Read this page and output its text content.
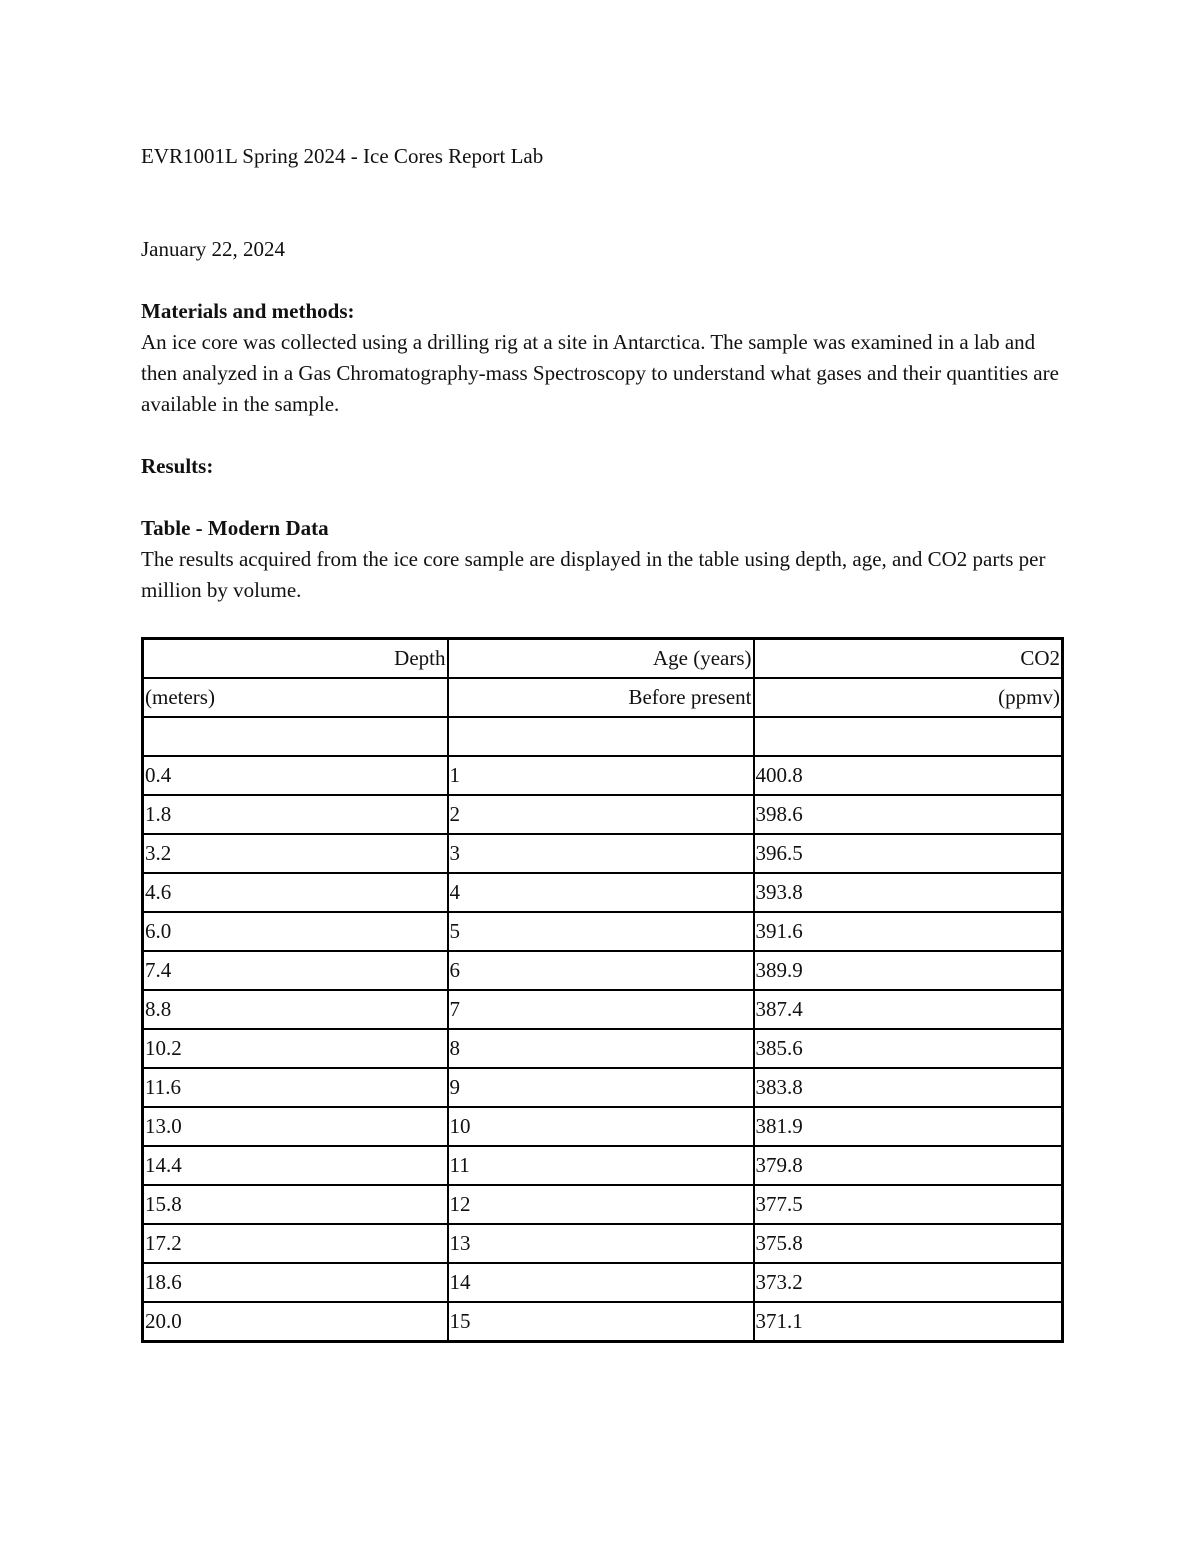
EVR1001L Spring 2024 - Ice Cores Report Lab
January 22, 2024

Materials and methods:

An ice core was collected using a drilling rig at a site in Antarctica. The sample was examined in a lab and then analyzed in a Gas Chromatography-mass Spectroscopy to understand what gases and their quantities are available in the sample.

Results:

Table - Modern Data

The results acquired from the ice core sample are displayed in the table using depth, age, and CO2 parts per million by volume.

Depth	Age (years)	CO2
(meters)	Before present	(ppmv)

0.4	1	400.8
1.8	2	398.6
3.2	3	396.5
4.6	4	393.8
6.0	5	391.6
7.4	6	389.9
8.8	7	387.4
10.2	8	385.6
11.6	9	383.8
13.0	10	381.9
14.4	11	379.8
15.8	12	377.5
17.2	13	375.8
18.6	14	373.2
20.0	15	371.1
